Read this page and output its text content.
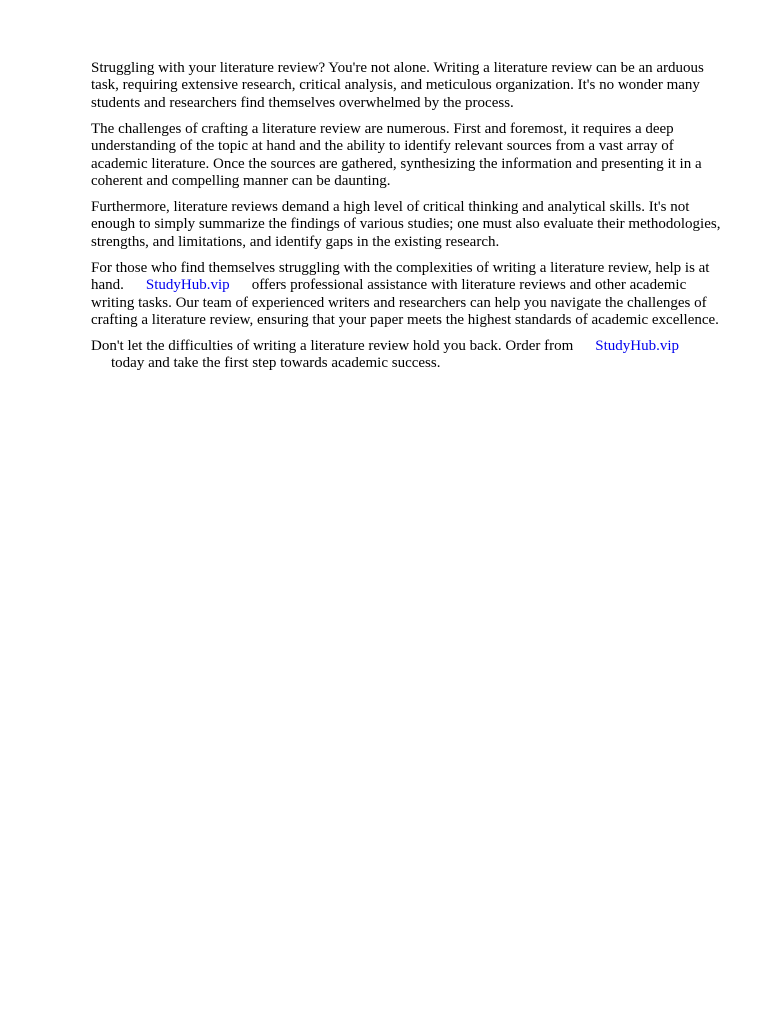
Struggling with your literature review? You're not alone. Writing a literature review can be an arduous task, requiring extensive research, critical analysis, and meticulous organization. It's no wonder many students and researchers find themselves overwhelmed by the process.

The challenges of crafting a literature review are numerous. First and foremost, it requires a deep understanding of the topic at hand and the ability to identify relevant sources from a vast array of academic literature. Once the sources are gathered, synthesizing the information and presenting it in a coherent and compelling manner can be daunting.

Furthermore, literature reviews demand a high level of critical thinking and analytical skills. It's not enough to simply summarize the findings of various studies; one must also evaluate their methodologies, strengths, and limitations, and identify gaps in the existing research.

For those who find themselves struggling with the complexities of writing a literature review, help is at hand. StudyHub.vip offers professional assistance with literature reviews and other academic writing tasks. Our team of experienced writers and researchers can help you navigate the challenges of crafting a literature review, ensuring that your paper meets the highest standards of academic excellence.

Don't let the difficulties of writing a literature review hold you back. Order from StudyHub.vip
today and take the first step towards academic success.
